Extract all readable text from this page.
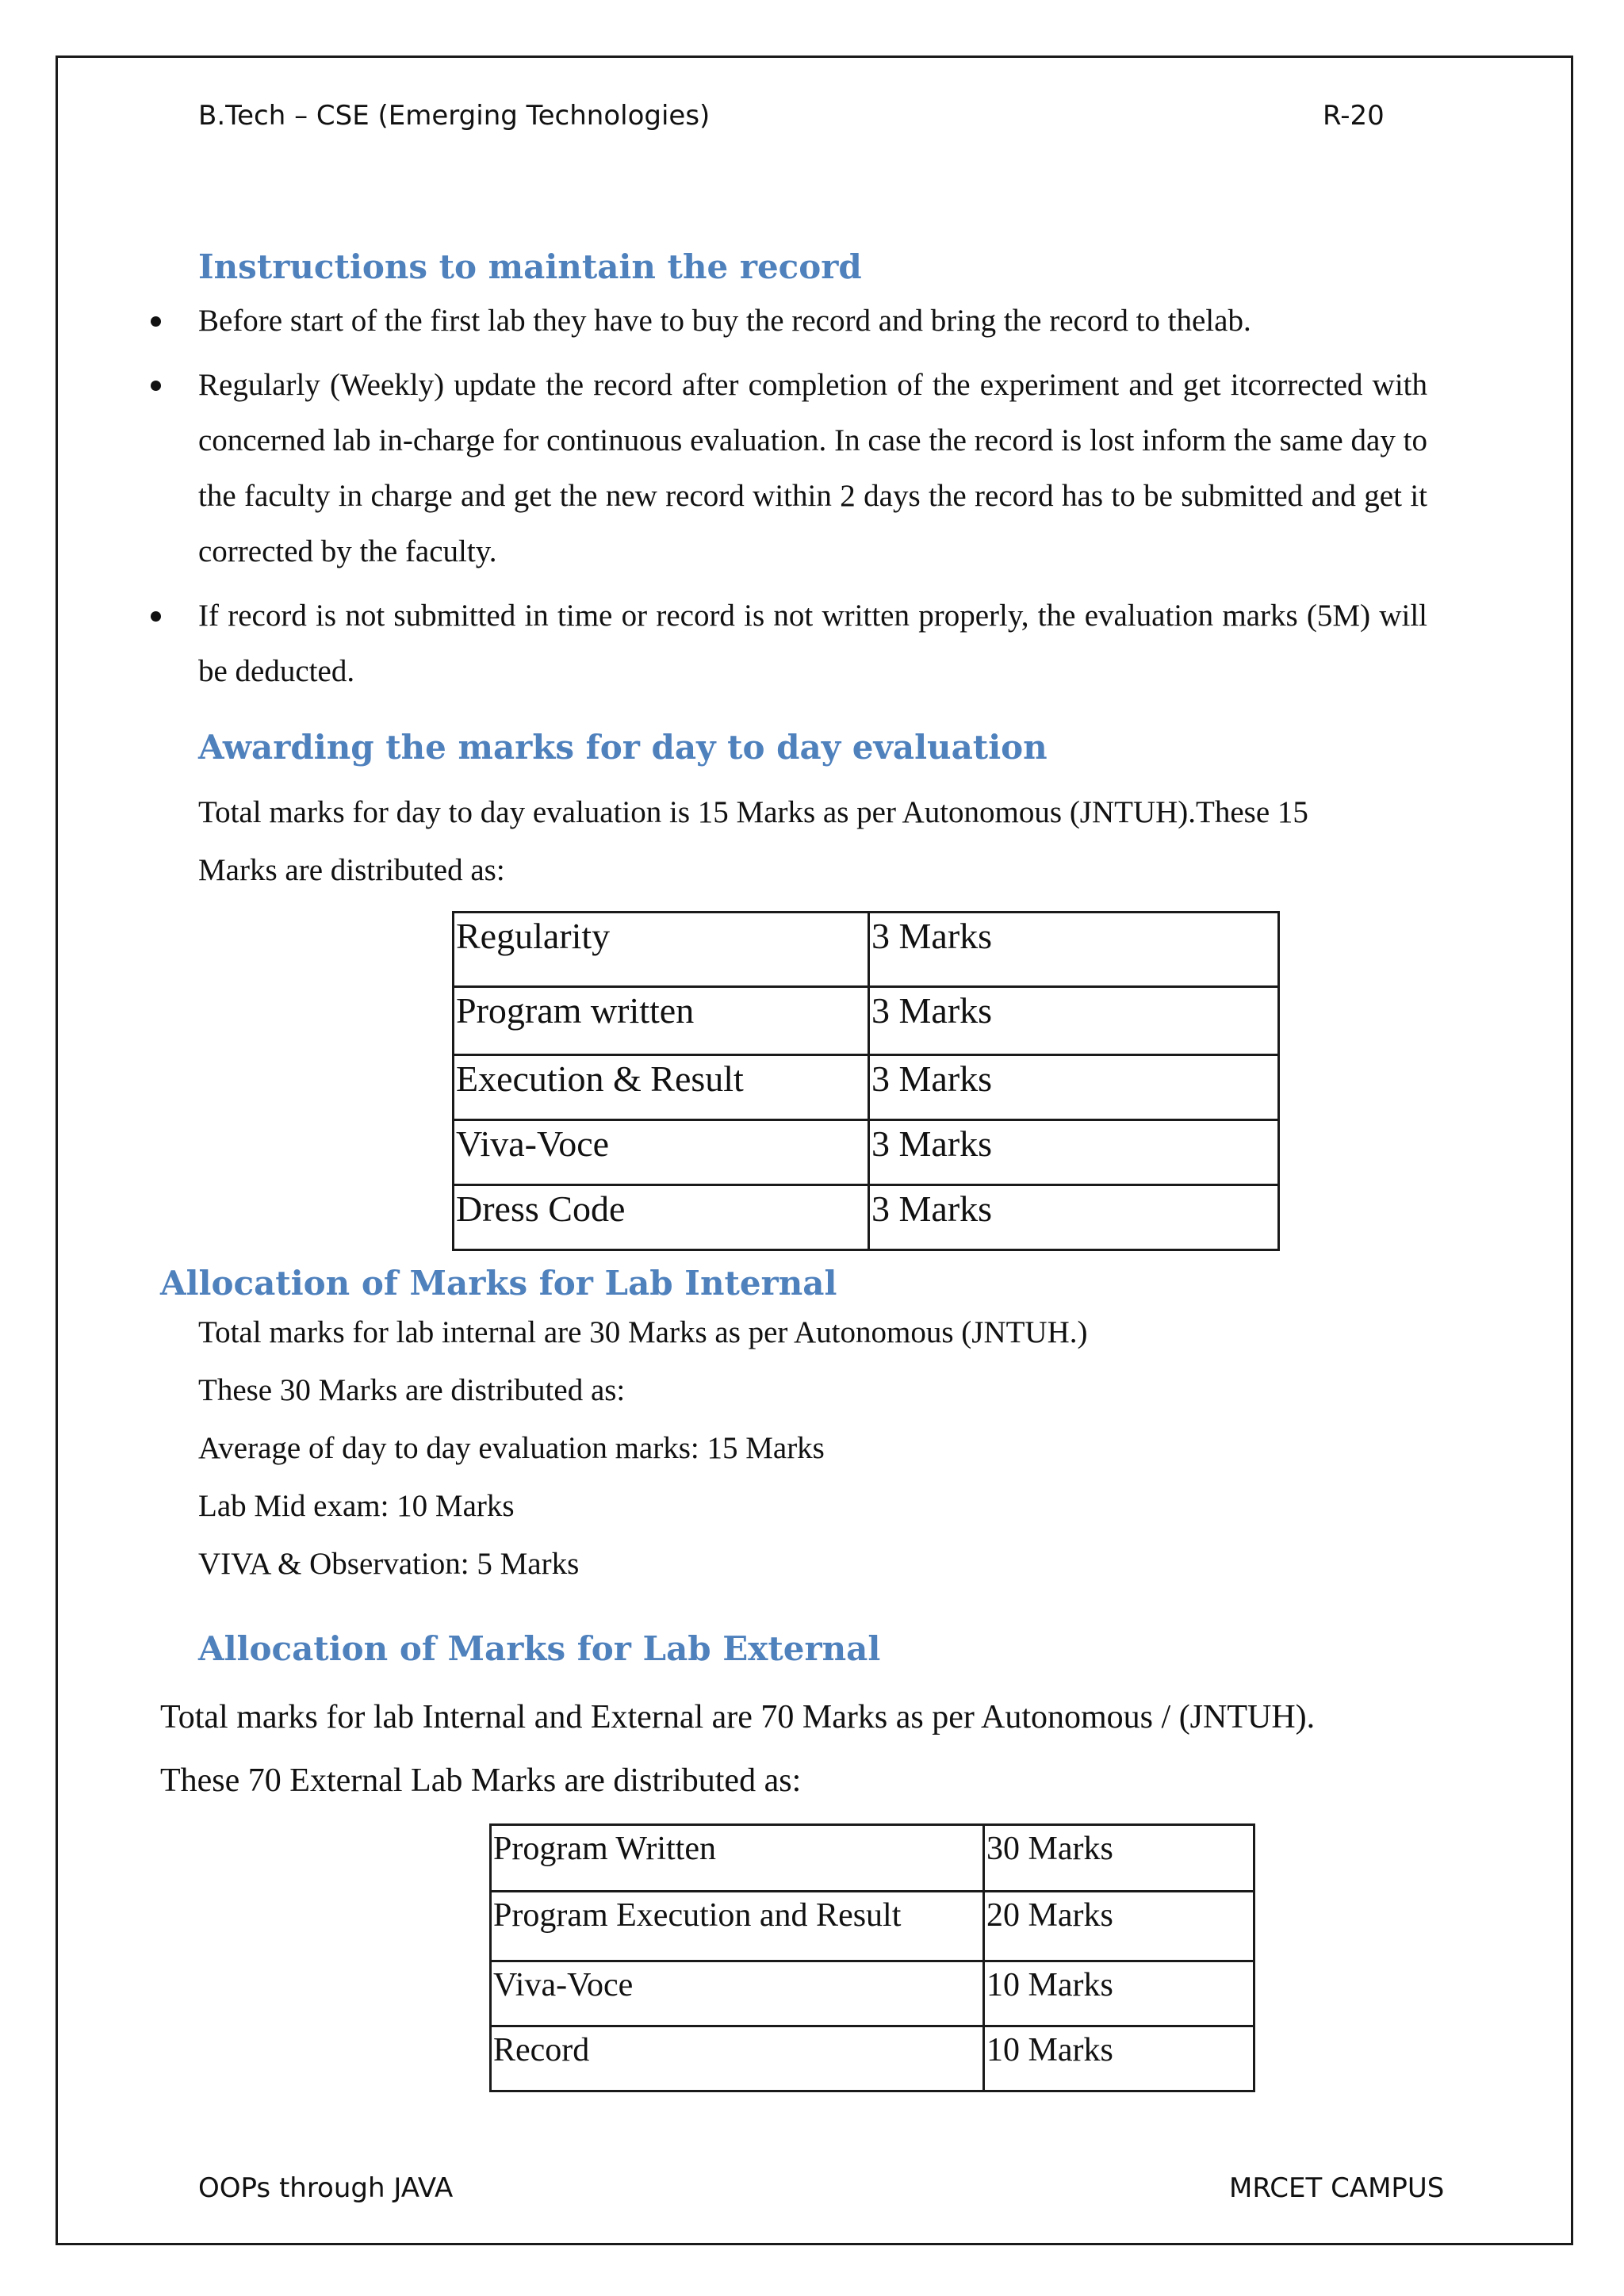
B.Tech – CSE (Emerging Technologies)	R-20
Instructions to maintain the record
Before start of the first lab they have to buy the record and bring the record to thelab.
Regularly (Weekly) update the record after completion of the experiment and get itcorrected with concerned lab in-charge for continuous evaluation. In case the record is lost inform the same day to the faculty in charge and get the new record within 2 days the record has to be submitted and get it corrected by the faculty.
If record is not submitted in time or record is not written properly, the evaluation marks (5M) will be deducted.
Awarding the marks for day to day evaluation
Total marks for day to day evaluation is 15 Marks as per Autonomous (JNTUH).These 15
Marks are distributed as:
Regularity	3 Marks
Program written	3 Marks
Execution & Result	3 Marks
Viva-Voce	3 Marks
Dress Code	3 Marks
Allocation of Marks for Lab Internal
Total marks for lab internal are 30 Marks as per Autonomous (JNTUH.)
These 30 Marks are distributed as:
Average of day to day evaluation marks: 15 Marks
Lab Mid exam: 10 Marks
VIVA & Observation: 5 Marks
Allocation of Marks for Lab External
Total marks for lab Internal and External are 70 Marks as per Autonomous / (JNTUH).
These 70 External Lab Marks are distributed as:
Program Written	30 Marks
Program Execution and Result	20 Marks
Viva-Voce	10 Marks
Record	10 Marks
OOPs through JAVA	MRCET CAMPUS
